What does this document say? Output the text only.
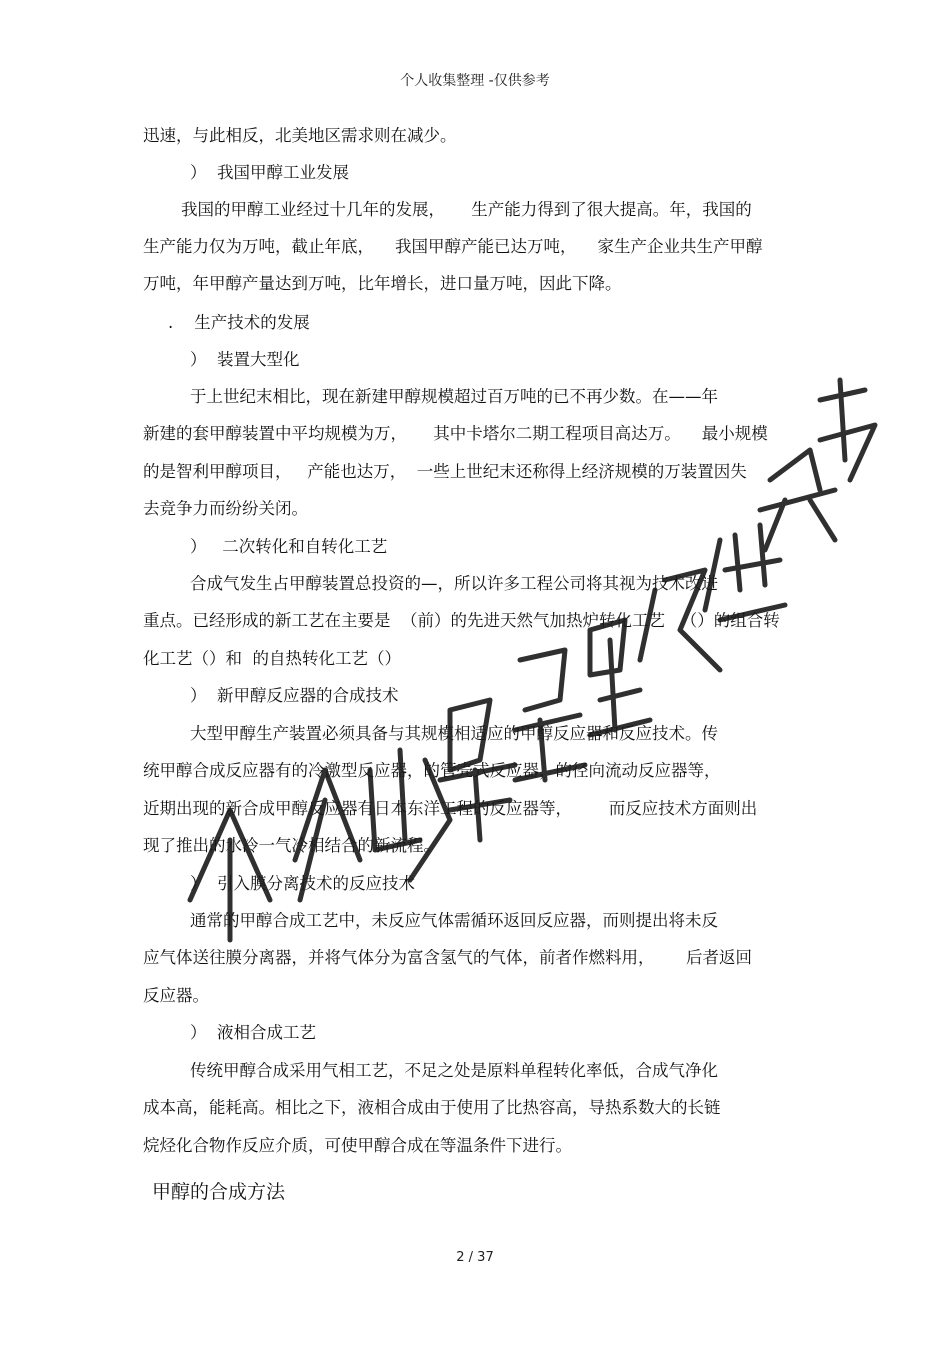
个人收集整理 -仅供参考
迅速，与此相反，北美地区需求则在减少。
）  我国甲醇工业发展
我国的甲醇工业经过十几年的发展，     生产能力得到了很大提高。年，我国的
生产能力仅为万吨，截止年底，    我国甲醇产能已达万吨，    家生产企业共生产甲醇
万吨，年甲醇产量达到万吨，比年增长，进口量万吨，因此下降。
.    生产技术的发展
）  装置大型化
于上世纪末相比，现在新建甲醇规模超过百万吨的已不再少数。在——年
新建的套甲醇装置中平均规模为万，     其中卡塔尔二期工程项目高达万。    最小规模
的是智利甲醇项目，   产能也达万，  一些上世纪末还称得上经济规模的万装置因失
去竞争力而纷纷关闭。
）   二次转化和自转化工艺
合成气发生占甲醇装置总投资的—，所以许多工程公司将其视为技术改进
重点。已经形成的新工艺在主要是  （前）的先进天然气加热炉转化工艺   （）的组合转
化工艺（）和  的自热转化工艺（）
）  新甲醇反应器的合成技术
大型甲醇生产装置必须具备与其规模相适应的甲醇反应器和反应技术。传
统甲醇合成反应器有的冷激型反应器，的管壳式反应器，的径向流动反应器等，
近期出现的新合成甲醇反应器有日本东洋工程的反应器等，       而反应技术方面则出
现了推出的水冷一气冷相结合的新流程。
）  引入膜分离技术的反应技术
通常的甲醇合成工艺中，未反应气体需循环返回反应器，而则提出将未反
应气体送往膜分离器，并将气体分为富含氢气的气体，前者作燃料用，      后者返回
反应器。
）  液相合成工艺
传统甲醇合成采用气相工艺，不足之处是原料单程转化率低，合成气净化
成本高，能耗高。相比之下，液相合成由于使用了比热容高，导热系数大的长链
烷烃化合物作反应介质，可使甲醇合成在等温条件下进行。
甲醇的合成方法
2 / 37
